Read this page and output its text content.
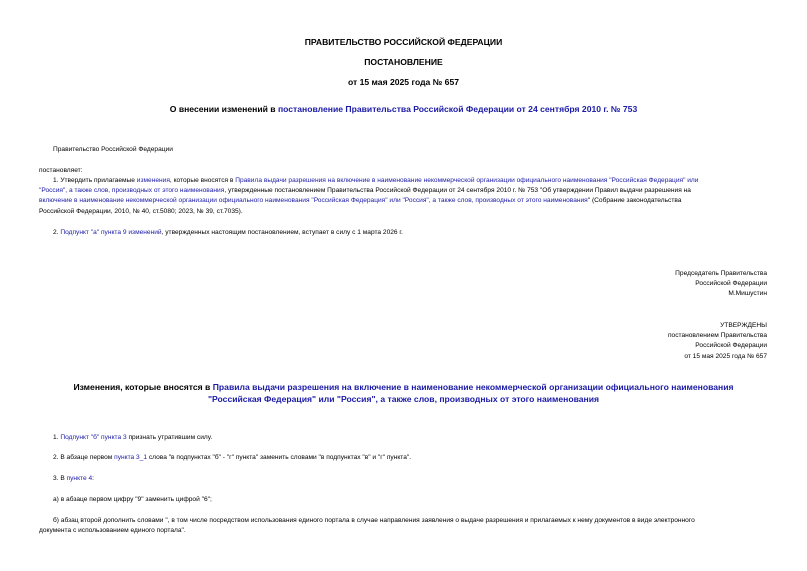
ПРАВИТЕЛЬСТВО РОССИЙСКОЙ ФЕДЕРАЦИИ
ПОСТАНОВЛЕНИЕ
от 15 мая 2025 года № 657
О внесении изменений в постановление Правительства Российской Федерации от 24 сентября 2010 г. № 753
Правительство Российской Федерации
постановляет:
1. Утвердить прилагаемые изменения, которые вносятся в Правила выдачи разрешения на включение в наименование некоммерческой организации официального наименования "Российская Федерация" или
"Россия", а также слов, производных от этого наименования, утвержденные постановлением Правительства Российской Федерации от 24 сентября 2010 г. № 753 "Об утверждении Правил выдачи разрешения на
включение в наименование некоммерческой организации официального наименования "Российская Федерация" или "Россия", а также слов, производных от этого наименования" (Собрание законодательства
Российской Федерации, 2010, № 40, ст.5080; 2023, № 39, ст.7035).
2. Подпункт "а" пункта 9 изменений, утвержденных настоящим постановлением, вступает в силу с 1 марта 2026 г.
Председатель Правительства
Российской Федерации
М.Мишустин
УТВЕРЖДЕНЫ
постановлением Правительства
Российской Федерации
от 15 мая 2025 года № 657
Изменения, которые вносятся в Правила выдачи разрешения на включение в наименование некоммерческой организации официального наименования
"Российская Федерация" или "Россия", а также слов, производных от этого наименования
1. Подпункт "б" пункта 3 признать утратившим силу.
2. В абзаце первом пункта 3_1 слова "в подпунктах "б" - "г" пункта" заменить словами "в подпунктах "в" и "г" пункта".
3. В пункте 4:
а) в абзаце первом цифру "9" заменить цифрой "6";
б) абзац второй дополнить словами ", в том числе посредством использования единого портала в случае направления заявления о выдаче разрешения и прилагаемых к нему документов в виде электронного
документа с использованием единого портала".
